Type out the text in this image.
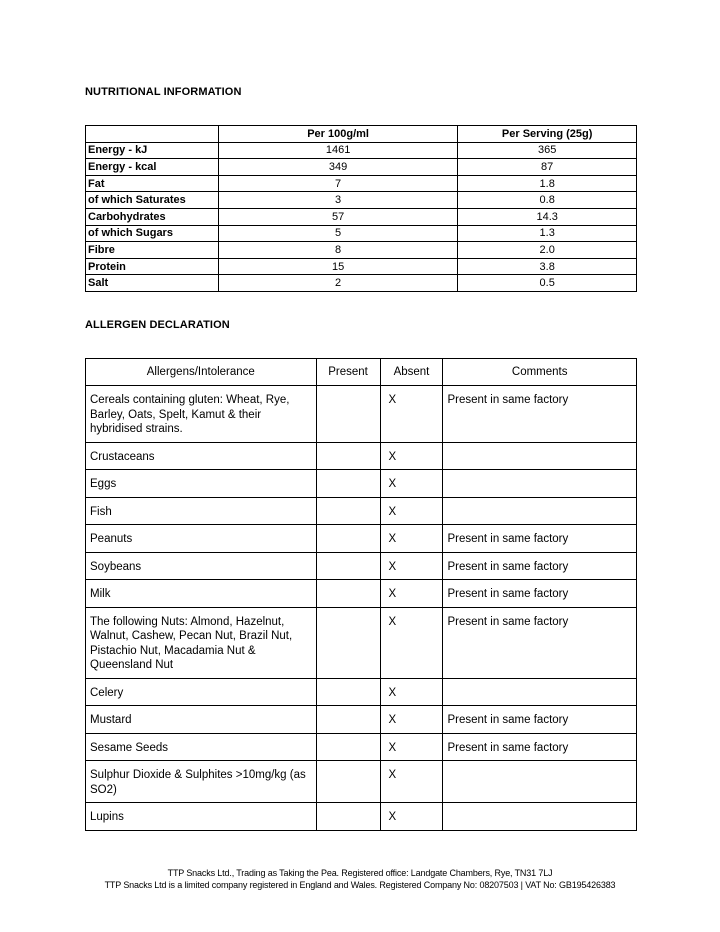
NUTRITIONAL INFORMATION
	Per 100g/ml	Per Serving (25g)
Energy - kJ	1461	365
Energy - kcal	349	87
Fat	7	1.8
of which Saturates	3	0.8
Carbohydrates	57	14.3
of which Sugars	5	1.3
Fibre	8	2.0
Protein	15	3.8
Salt	2	0.5
ALLERGEN DECLARATION
Allergens/Intolerance	Present	Absent	Comments
Cereals containing gluten: Wheat, Rye, Barley, Oats, Spelt, Kamut & their hybridised strains.		X	Present in same factory
Crustaceans		X	
Eggs		X	
Fish		X	
Peanuts		X	Present in same factory
Soybeans		X	Present in same factory
Milk		X	Present in same factory
The following Nuts: Almond, Hazelnut, Walnut, Cashew, Pecan Nut, Brazil Nut, Pistachio Nut, Macadamia Nut & Queensland Nut		X	Present in same factory
Celery		X	
Mustard		X	Present in same factory
Sesame Seeds		X	Present in same factory
Sulphur Dioxide & Sulphites >10mg/kg (as SO2)		X	
Lupins		X	
TTP Snacks Ltd., Trading as Taking the Pea. Registered office: Landgate Chambers, Rye, TN31 7LJ
TTP Snacks Ltd is a limited company registered in England and Wales. Registered Company No: 08207503 | VAT No: GB195426383
